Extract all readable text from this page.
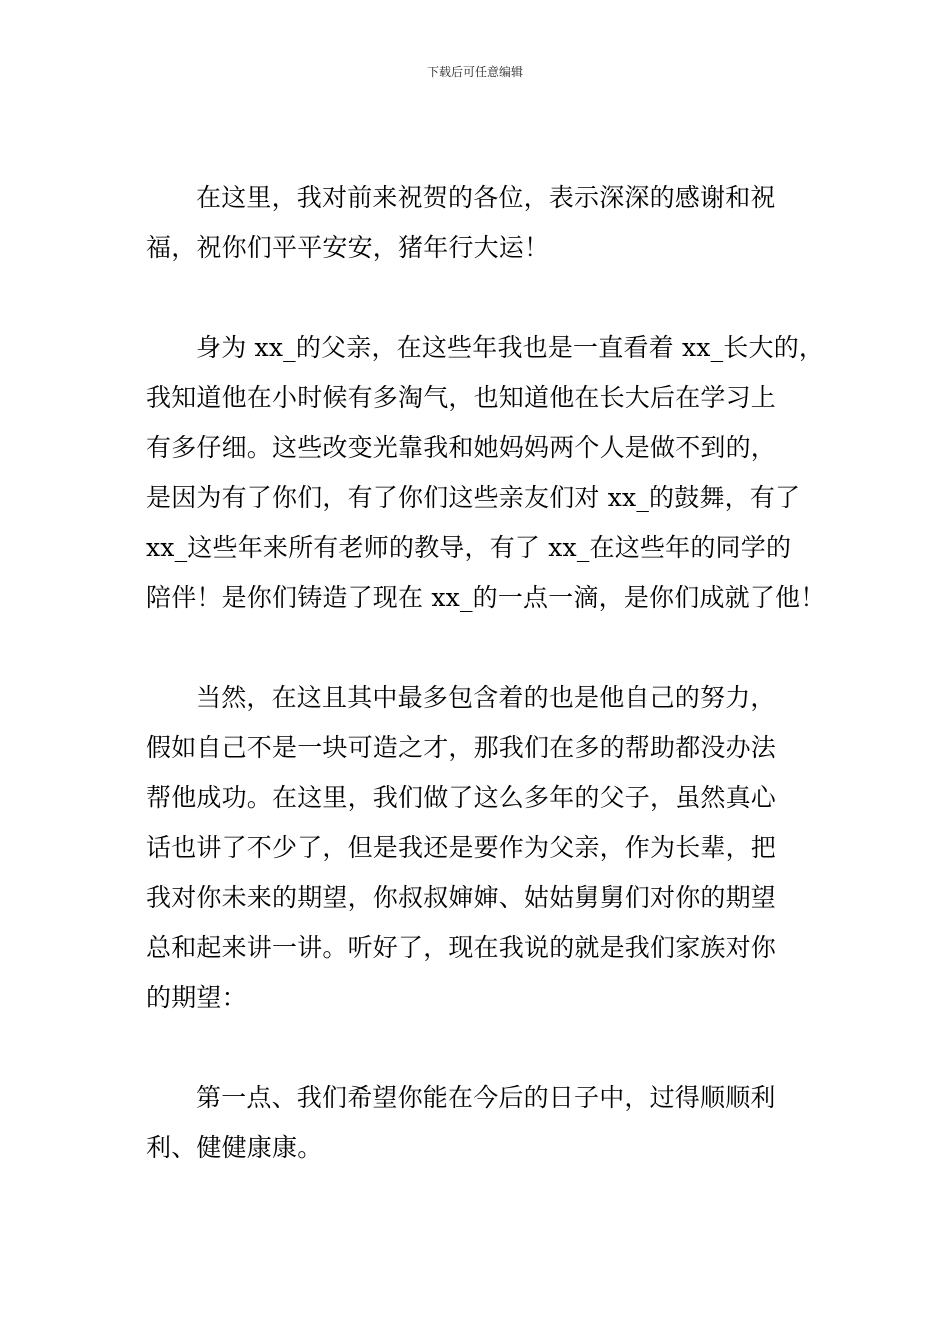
下载后可任意编辑

在这里，我对前来祝贺的各位，表示深深的感谢和祝
福，祝你们平平安安，猪年行大运！

身为 xx_的父亲，在这些年我也是一直看着 xx_长大的，
我知道他在小时候有多淘气，也知道他在长大后在学习上
有多仔细。这些改变光靠我和她妈妈两个人是做不到的，
是因为有了你们，有了你们这些亲友们对 xx_的鼓舞，有了
xx_这些年来所有老师的教导，有了 xx_在这些年的同学的
陪伴！是你们铸造了现在 xx_的一点一滴，是你们成就了他！

当然，在这且其中最多包含着的也是他自己的努力，
假如自己不是一块可造之才，那我们在多的帮助都没办法
帮他成功。在这里，我们做了这么多年的父子，虽然真心
话也讲了不少了，但是我还是要作为父亲，作为长辈，把
我对你未来的期望，你叔叔婶婶、姑姑舅舅们对你的期望
总和起来讲一讲。听好了，现在我说的就是我们家族对你
的期望：

第一点、我们希望你能在今后的日子中，过得顺顺利
利、健健康康。
